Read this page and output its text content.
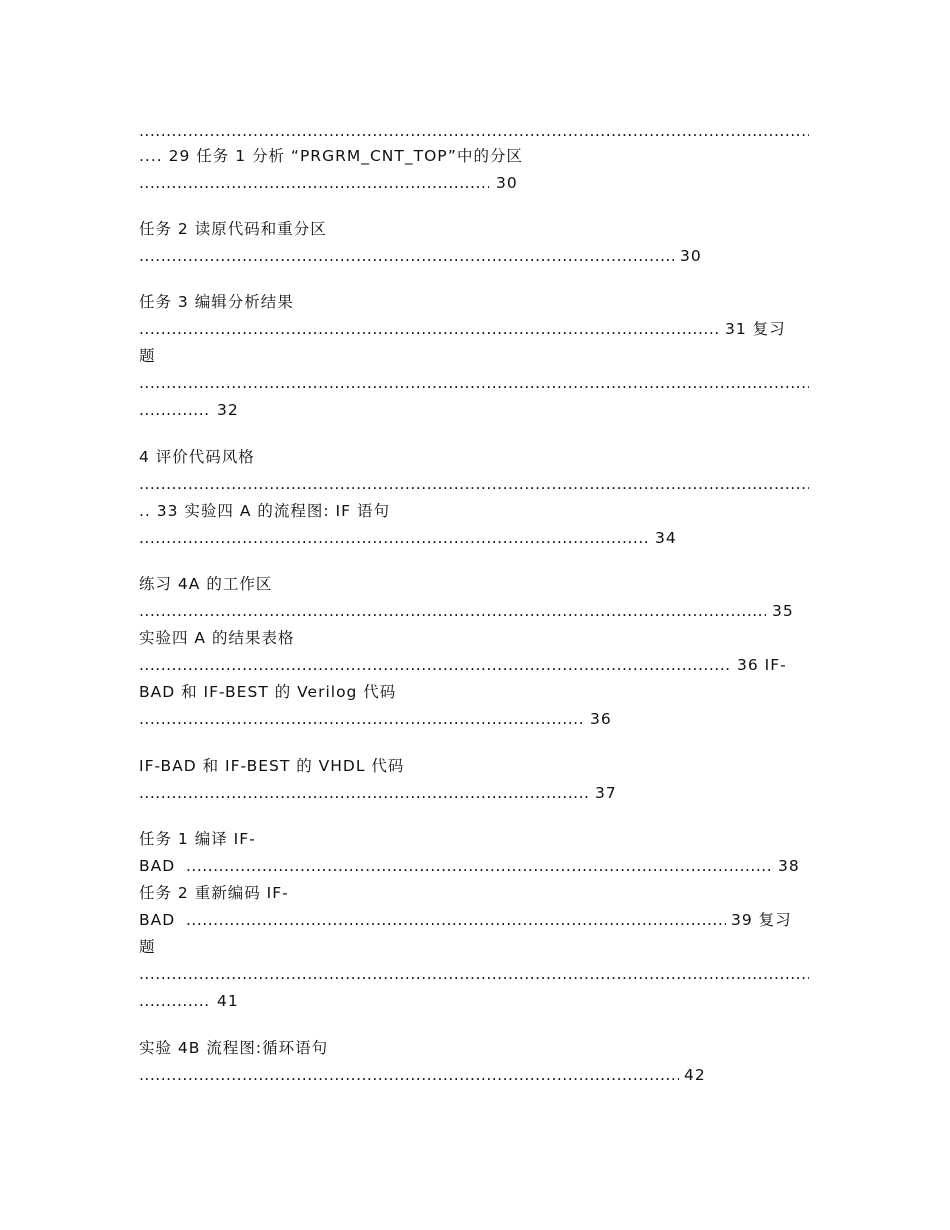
.....
.... 29 任务 1 分析 “PRGRM_CNT_TOP”中的分区
.....
30
任务 2 读原代码和重分区
.....
30
任务 3 编辑分析结果
.....
31 复习
题
.....
.....
32
4 评价代码风格
.....
.. 33 实验四 A 的流程图: IF 语句
.....
34
练习 4A 的工作区
.....
35
实验四 A 的结果表格
.....
36 IF-
BAD 和 IF-BEST 的 Verilog 代码
.....
36
IF-BAD 和 IF-BEST 的 VHDL 代码
.....
37
任务 1 编译 IF-
BAD .....	38
任务 2 重新编码 IF-
BAD .....	39 复习
题
.....
.....
41
实验 4B 流程图:循环语句
.....
42
